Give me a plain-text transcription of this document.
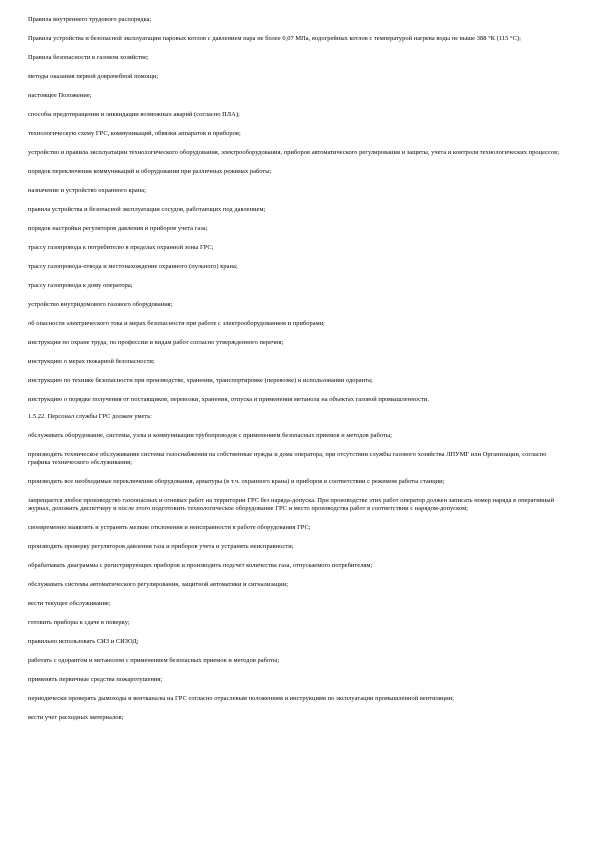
Правила внутреннего трудового распорядка;

Правила устройства и безопасной эксплуатации паровых котлов с давлением пара не более 0,07 МПа, водогрейных котлов с температурой нагрева воды не выше 388 °К (115 °С);

Правила безопасности в газовом хозяйстве;

методы оказания первой доврачебной помощи;

настоящее Положение;

способы предотвращения и ликвидации возможных аварий (согласно ПЛА);

технологическую схему ГРС, коммуникаций, обвязки аппаратов и приборов;

устройство и правила эксплуатации технологического оборудования, электрооборудования, приборов автоматического регулирования и защиты, учета и контроля технологических процессов;

порядок переключения коммуникаций и оборудования при различных режимах работы;

назначение и устройство охранного крана;

правила устройства и безопасной эксплуатации сосудов, работающих под давлением;

порядок настройки регуляторов давления и приборов учета газа;

трассу газопровода к потребителю в пределах охранной зоны ГРС;

трассу газопровода-отвода и местонахождение охранного (пульного) крана;

трассу газопровода к дому оператора;

устройство внутридомового газового оборудования;

об опасности электрического тока и мерах безопасности при работе с электрооборудованием и приборами;

инструкции по охране труда, по профессии и видам работ согласно утвержденного перечня;

инструкцию о мерах пожарной безопасности;

инструкцию по технике безопасности при производстве, хранении, транспортировке (перевозке) и использовании одоранта;

инструкцию о порядке получения от поставщиков, перевозки, хранения, отпуска и применения метанола на объектах газовой промышленности.

1.5.22. Персонал службы ГРС должен уметь:

обслуживать оборудование, системы, узлы и коммуникации трубопроводов с применением безопасных приемов и методов работы;

производить техническое обслуживание системы газоснабжения на собственные нужды и дома оператора, при отсутствии службы газового хозяйства ЛПУМГ или Организации, согласно графика технического обслуживания;

производить все необходимые переключения оборудования, арматуры (в т.ч. охранного крана) и приборов в соответствии с режимом работы станции;

запрещается любое производство газоопасных и огневых работ на территории ГРС без наряда-допуска. При производстве этих работ оператор должен записать номер наряда в оперативный журнал, доложить диспетчеру и после этого подготовить технологическое оборудование ГРС и место производства работ в соответствии с нарядом-допуском;

своевременно выявлять и устранять мелкие отклонения и неисправности в работе оборудования ГРС;

производить проверку регуляторов давления газа и приборов учета и устранять неисправности;

обрабатывать диаграммы с регистрирующих приборов и производить подсчет количества газа, отпускаемого потребителям;

обслуживать системы автоматического регулирования, защитной автоматики и сигнализации;

вести текущее обслуживание;

готовить приборы к сдаче в поверку;

правильно использовать СИЗ и СИЗОД;

работать с одорантом и метанолом с применением безопасных приемов и методов работы;

применять первичные средства пожаротушения;

периодически проверять дымоходы и вентканалы на ГРС согласно отраслевым положениям и инструкциям по эксплуатации промышленной вентиляции;

вести учет расходных материалов;
